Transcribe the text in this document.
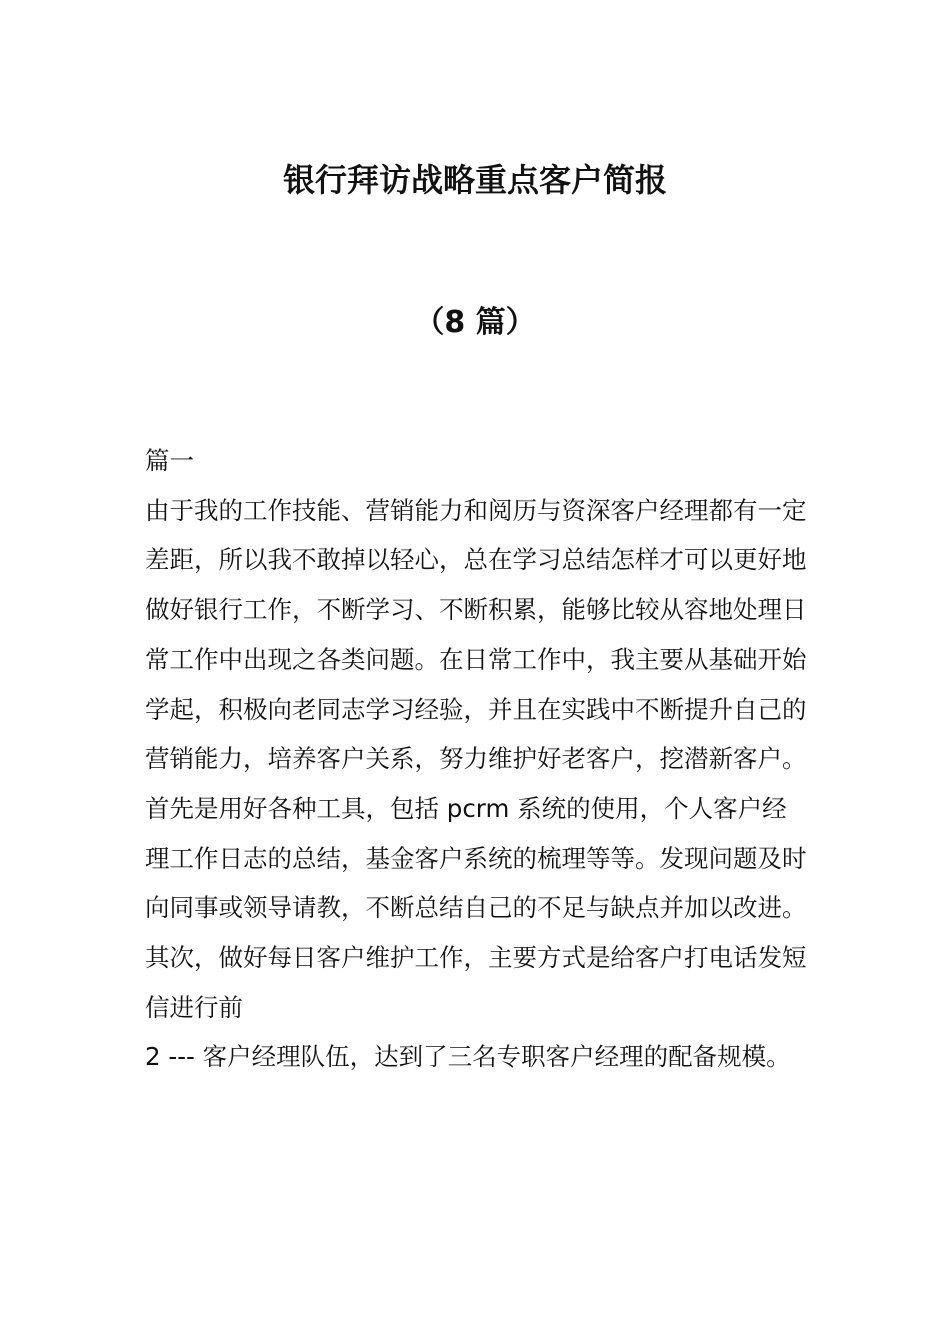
银行拜访战略重点客户简报
（8 篇）

篇一

由于我的工作技能、营销能力和阅历与资深客户经理都有一定差距，所以我不敢掉以轻心，总在学习总结怎样才可以更好地做好银行工作，不断学习、不断积累，能够比较从容地处理日常工作中出现之各类问题。在日常工作中，我主要从基础开始学起，积极向老同志学习经验，并且在实践中不断提升自己的营销能力，培养客户关系，努力维护好老客户，挖潜新客户。

首先是用好各种工具，包括 pcrm 系统的使用，个人客户经理工作日志的总结，基金客户系统的梳理等等。发现问题及时向同事或领导请教，不断总结自己的不足与缺点并加以改进。

其次，做好每日客户维护工作，主要方式是给客户打电话发短信进行前

2 --- 客户经理队伍，达到了三名专职客户经理的配备规模。
